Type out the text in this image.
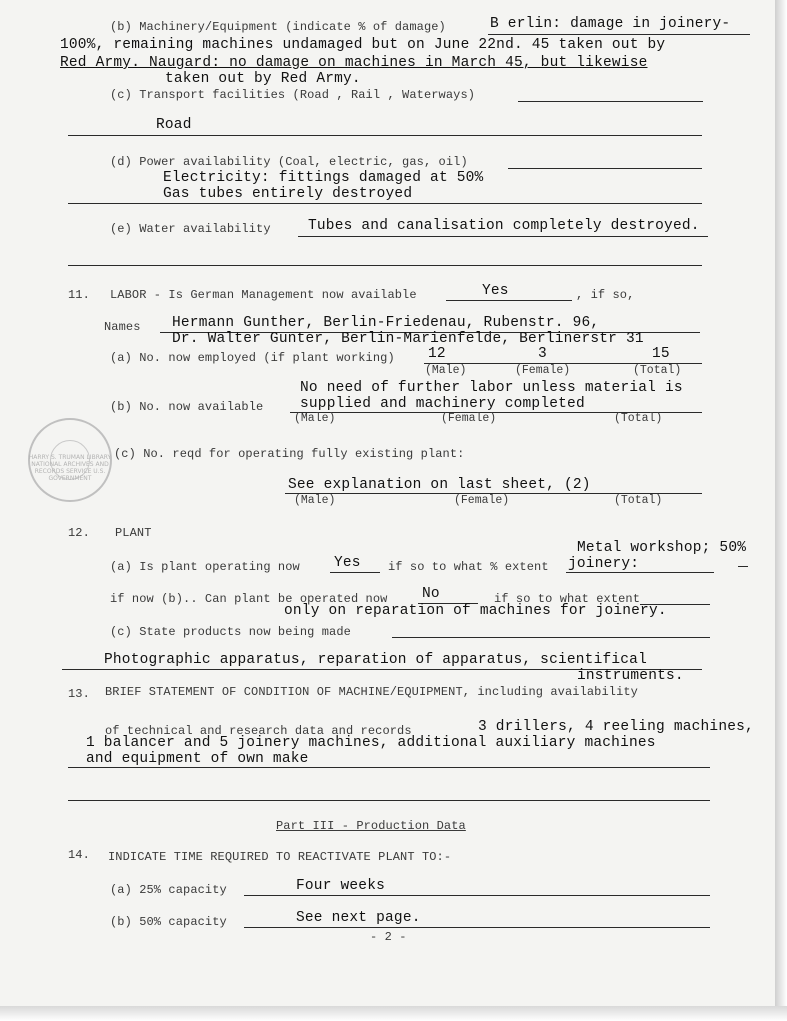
(b) Machinery/Equipment (indicate % of damage)	B erlin: damage in joinery-
100%, remaining machines undamaged but on June 22nd. 45 taken out by
Red Army. Naugard: no damage on machines in March 45, but likewise
taken out by Red Army.
(c) Transport facilities (Road , Rail , Waterways)
Road
(d) Power availability (Coal, electric, gas, oil)
Electricity: fittings damaged at 50%
Gas tubes entirely destroyed
(e) Water availability	Tubes and canalisation completely destroyed.
11. LABOR - Is German Management now available	Yes	, if so,
Names Hermann Gunther, Berlin-Friedenau, Rubenstr. 96,
Dr. Walter Gunter, Berlin-Marienfelde, Berlinerstr 31
(a) No. now employed (if plant working) 12	3	15
(Male)	(Female)	(Total)
No need of further labor unless material is
(b) No. now available	supplied and machinery completed
(Male)	(Female)	(Total)
(c) No. reqd for operating fully existing plant:
See explanation on last sheet, (2)
(Male)	(Female)	(Total)
HARRY S. TRUMAN LIBRARY NATIONAL ARCHIVES AND RECORDS SERVICE U.S. GOVERNMENT
12. PLANT
Metal workshop; 50%
(a) Is plant operating now Yes if so to what % extent joinery:
if now (b).. Can plant be operated now No	if so to what extent
only on reparation of machines for joinery.
(c) State products now being made
Photographic apparatus, reparation of apparatus, scientifical
instruments.
13. BRIEF STATEMENT OF CONDITION OF MACHINE/EQUIPMENT, including availability
of technical and research data and records	3 drillers, 4 reeling machines,
1 balancer and 5 joinery machines, additional auxiliary machines
and equipment of own make
Part III - Production Data
14. INDICATE TIME REQUIRED TO REACTIVATE PLANT TO:-
(a) 25% capacity	Four weeks
(b) 50% capacity	See next page.
- 2 -
